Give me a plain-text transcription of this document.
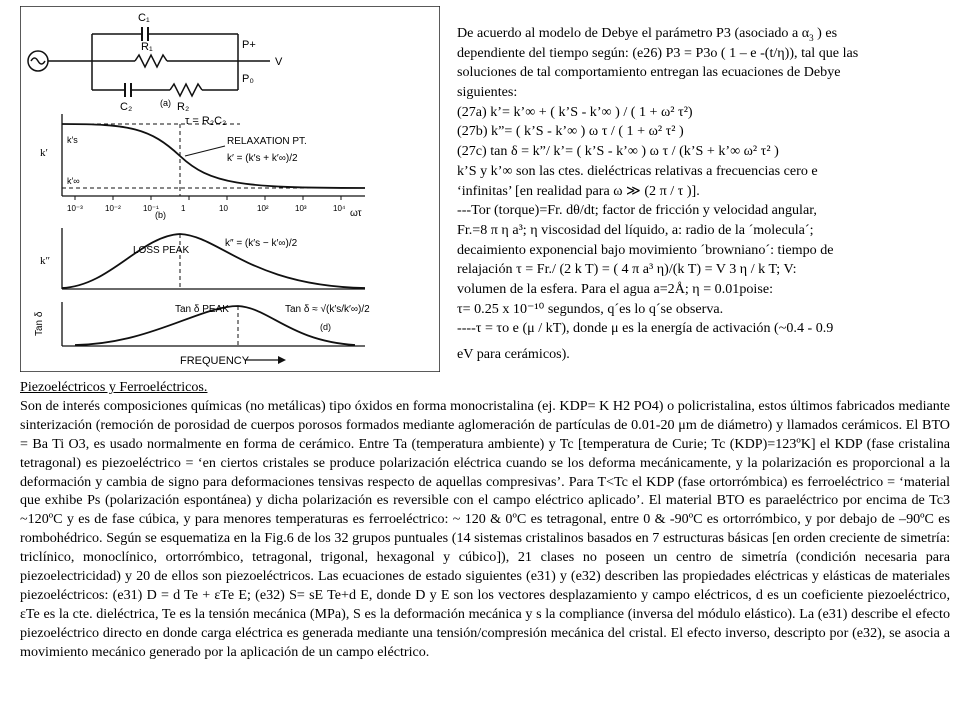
C₁
R₁
C₂	R₂
P+
V
P₀
τ = R₂C₂
(a)
RELAXATION PT.
k′ = (k′s + k′∞)/2
k′
k′s
k′∞
10⁻³	10⁻²	10⁻¹	1	10	10²	10³	10⁴ ωτ
(b)
LOSS PEAK
k″ = (k′s − k′∞)/2
k″
Tan δ PEAK	Tan δ ≈ √(k′s/k′∞)/2
(d)
Tan δ
FREQUENCY
De acuerdo al modelo de Debye el parámetro P3 (asociado a $\alpha_3$ ) es
dependiente del tiempo según: (e26) P3 = P3o ( 1 – e -(t/η)), tal que las
soluciones de tal comportamiento entregan las ecuaciones de Debye
siguientes:
(27a) k’= k’∞ + ( k’S - k’∞ ) / ( 1 + ω² τ²)
(27b) k”= ( k’S - k’∞ ) ω τ / ( 1 + ω² τ² )
(27c) tan δ = k”/ k’= ( k’S - k’∞ ) ω τ / (k’S + k’∞ ω² τ² )
k’S y k’∞ son las ctes. dieléctricas relativas a frecuencias cero e
‘infinitas’ [en realidad para ω ≫ (2 π / τ )].
---Tor (torque)=Fr. dθ/dt; factor de fricción y velocidad angular,
Fr.=8 π η a³; η viscosidad del líquido, a: radio de la ´molecula´;
decaimiento exponencial bajo movimiento ´browniano´: tiempo de
relajación τ = Fr./ (2 k T) = ( 4 π a³ η)/(k T) = V 3 η / k T; V:
volumen de la esfera. Para el agua a=2Å; η = 0.01poise:
τ= 0.25 x 10⁻¹⁰ segundos, q´es lo q´se observa.
----τ = τo e (μ / kT), donde μ es la energía de activación (~0.4 - 0.9
eV para cerámicos).
Piezoeléctricos y Ferroeléctricos.
Son de interés composiciones químicas (no metálicas) tipo óxidos en forma monocristalina (ej. KDP= K H2 PO4) o policristalina, estos últimos fabricados mediante sinterización (remoción de porosidad de cuerpos porosos formados mediante aglomeración de partículas de 0.01-20 μm de diámetro) y llamados cerámicos. El BTO = Ba Ti O3, es usado normalmente en forma de cerámico. Entre Ta (temperatura ambiente) y Tc [temperatura de Curie; Tc (KDP)=123ºK] el KDP (fase cristalina tetragonal) es piezoeléctrico = ‘en ciertos cristales se produce polarización eléctrica cuando se los deforma mecánicamente, y la polarización es proporcional a la deformación y cambia de signo para deformaciones tensivas respecto de aquellas compresivas’. Para T<Tc el KDP (fase ortorrómbica) es ferroeléctrico = ‘material que exhibe Ps (polarización espontánea) y dicha polarización es reversible con el campo eléctrico aplicado’. El material BTO es paraeléctrico por encima de Tc3 ~120ºC y es de fase cúbica, y para menores temperaturas es ferroeléctrico: ~ 120 & 0ºC es tetragonal, entre 0 & -90ºC es ortorrómbico, y por debajo de –90ºC es rombohédrico. Según se esquematiza en la Fig.6 de los 32 grupos puntuales (14 sistemas cristalinos basados en 7 estructuras básicas [en orden creciente de simetría: triclínico, monoclínico, ortorrómbico, tetragonal, trigonal, hexagonal y cúbico]), 21 clases no poseen un centro de simetría (condición necesaria para piezoelectricidad) y 20 de ellos son piezoeléctricos. Las ecuaciones de estado siguientes (e31) y (e32) describen las propiedades eléctricas y elásticas de materiales piezoeléctricos: (e31) D = d Te + εTe E; (e32) S= sE Te+d E, donde D y E son los vectores desplazamiento y campo eléctricos, d es un coeficiente piezoeléctrico, εTe es la cte. dieléctrica, Te es la tensión mecánica (MPa), S es la deformación mecánica y s la compliance (inversa del módulo elástico). La (e31) describe el efecto piezoeléctrico directo en donde carga eléctrica es generada mediante una tensión/compresión mecánica del cristal. El efecto inverso, descripto por (e32), se asocia a movimiento mecánico generado por la aplicación de un campo eléctrico.
